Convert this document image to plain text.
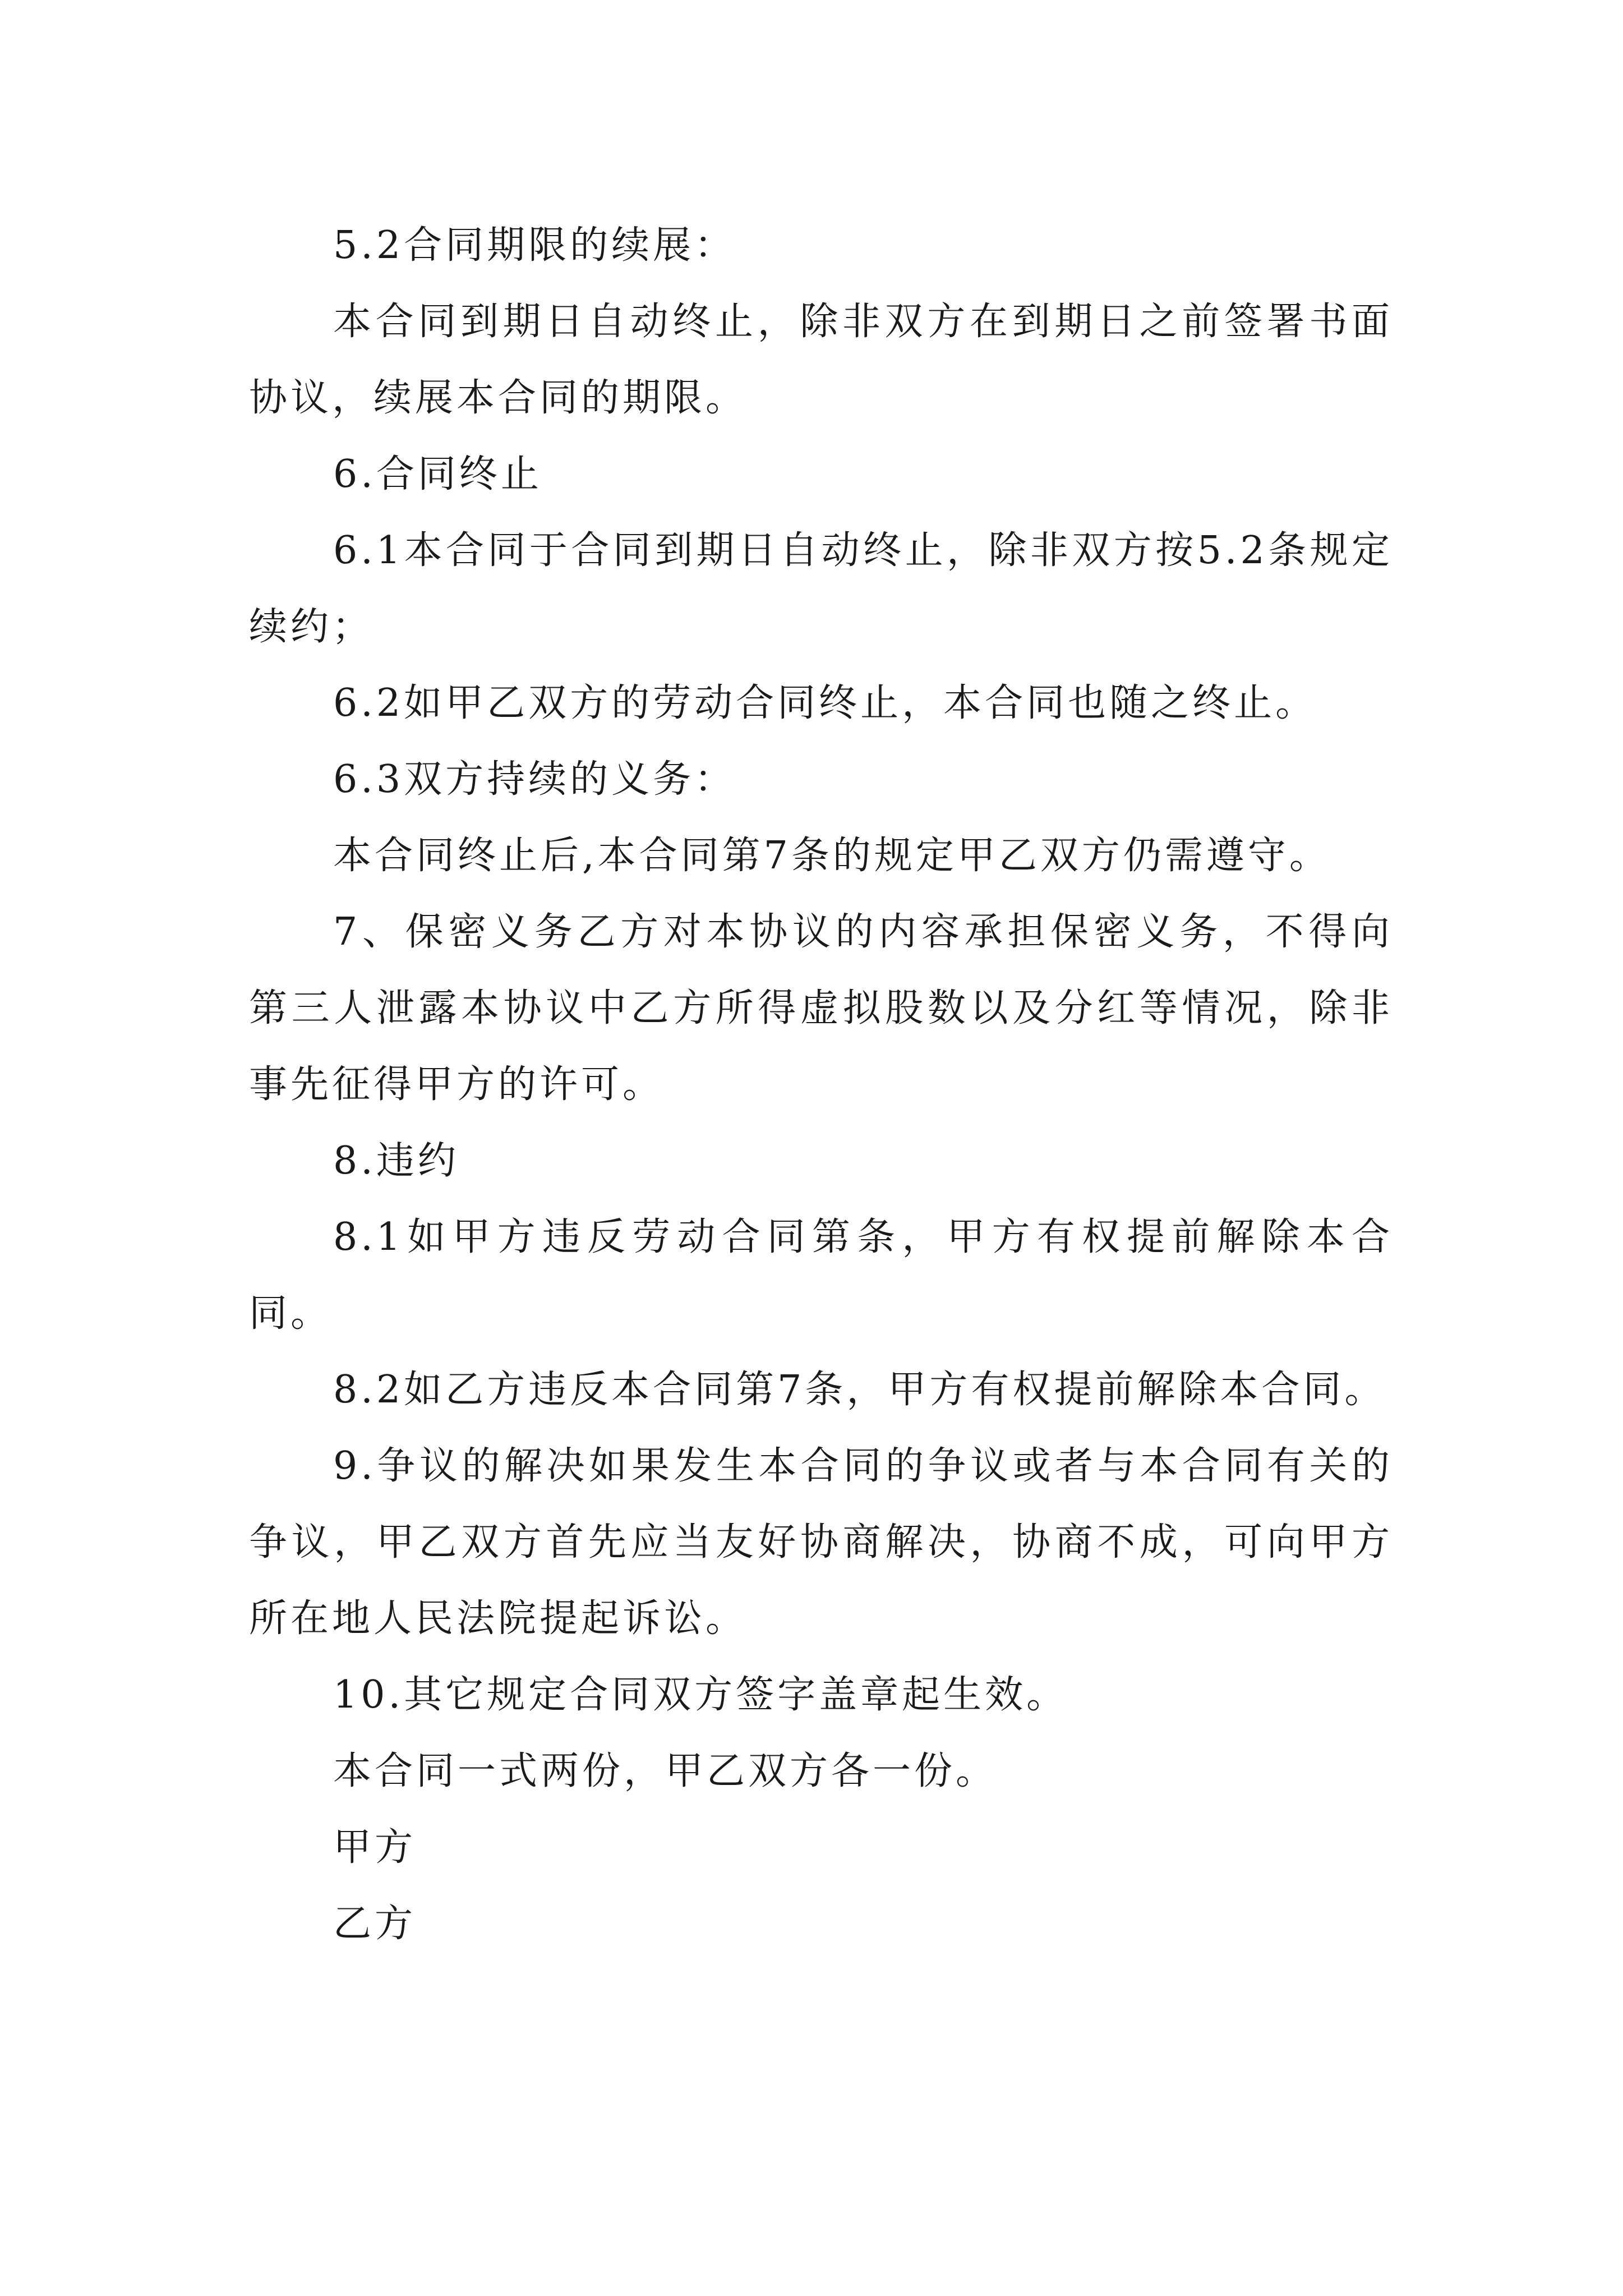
5.2合同期限的续展：

本合同到期日自动终止，除非双方在到期日之前签署书面协议，续展本合同的期限。

6.合同终止

6.1本合同于合同到期日自动终止，除非双方按5.2条规定续约；

6.2如甲乙双方的劳动合同终止，本合同也随之终止。

6.3双方持续的义务：

本合同终止后,本合同第7条的规定甲乙双方仍需遵守。

7、保密义务乙方对本协议的内容承担保密义务，不得向第三人泄露本协议中乙方所得虚拟股数以及分红等情况，除非事先征得甲方的许可。

8.违约

8.1如甲方违反劳动合同第条，甲方有权提前解除本合同。

8.2如乙方违反本合同第7条，甲方有权提前解除本合同。

9.争议的解决如果发生本合同的争议或者与本合同有关的争议，甲乙双方首先应当友好协商解决，协商不成，可向甲方所在地人民法院提起诉讼。

10.其它规定合同双方签字盖章起生效。

本合同一式两份，甲乙双方各一份。

甲方

乙方
